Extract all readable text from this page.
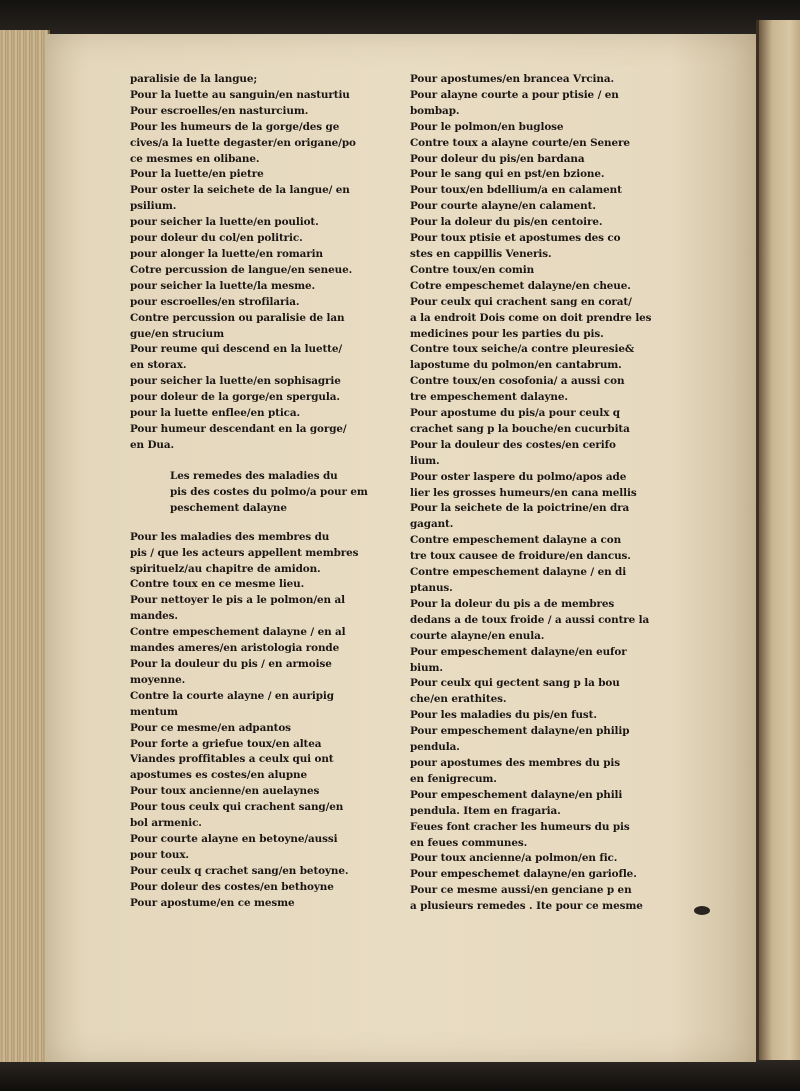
paralisie de la langue;
Pour la luette au sanguin/en nasturtiu
Pour escroelles/en nasturcium.
Pour les humeurs de la gorge/des ge
cives/a la luette degaster/en origane/po
ce mesmes en olibane.
Pour la luette/en pietre
Pour oster la seichete de la langue/ en
psilium.
pour seicher la luette/en pouliot.
pour doleur du col/en politric.
pour alonger la luette/en romarin
Cotre percussion de langue/en seneue.
pour seicher la luette/la mesme.
pour escroelles/en strofilaria.
Contre percussion ou paralisie de lan
gue/en strucium
Pour reume qui descend en la luette/
en storax.
pour seicher la luette/en sophisagrie
pour doleur de la gorge/en spergula.
pour la luette enflee/en ptica.
Pour humeur descendant en la gorge/
en Dua.
Les remedes des maladies du
pis des costes du polmo/a pour em
peschement dalayne
Pour les maladies des membres du
pis / que les acteurs appellent membres
spirituelz/au chapitre de amidon.
Contre toux en ce mesme lieu.
Pour nettoyer le pis a le polmon/en al
mandes.
Contre empeschement dalayne / en al
mandes ameres/en aristologia ronde
Pour la douleur du pis / en armoise
moyenne.
Contre la courte alayne / en auripig
mentum
Pour ce mesme/en adpantos
Pour forte a griefue toux/en altea
Viandes proffitables a ceulx qui ont
apostumes es costes/en alupne
Pour toux ancienne/en auelaynes
Pour tous ceulx qui crachent sang/en
bol armenic.
Pour courte alayne en betoyne/aussi
pour toux.
Pour ceulx q crachet sang/en betoyne.
Pour doleur des costes/en bethoyne
Pour apostume/en ce mesme
Pour apostumes/en brancea Vrcina.
Pour alayne courte a pour ptisie / en
bombap.
Pour le polmon/en buglose
Contre toux a alayne courte/en Senere
Pour doleur du pis/en bardana
Pour le sang qui en pst/en bzione.
Pour toux/en bdellium/a en calament
Pour courte alayne/en calament.
Pour la doleur du pis/en centoire.
Pour toux ptisie et apostumes des co
stes en cappillis Veneris.
Contre toux/en comin
Cotre empeschemet dalayne/en cheue.
Pour ceulx qui crachent sang en corat/
a la endroit Dois come on doit prendre les
medicines pour les parties du pis.
Contre toux seiche/a contre pleuresie&
lapostume du polmon/en cantabrum.
Contre toux/en cosofonia/ a aussi con
tre empeschement dalayne.
Pour apostume du pis/a pour ceulx q
crachet sang p la bouche/en cucurbita
Pour la douleur des costes/en cerifo
lium.
Pour oster laspere du polmo/apos ade
lier les grosses humeurs/en cana mellis
Pour la seichete de la poictrine/en dra
gagant.
Contre empeschement dalayne a con
tre toux causee de froidure/en dancus.
Contre empeschement dalayne / en di
ptanus.
Pour la doleur du pis a de membres
dedans a de toux froide / a aussi contre la
courte alayne/en enula.
Pour empeschement dalayne/en eufor
bium.
Pour ceulx qui gectent sang p la bou
che/en erathites.
Pour les maladies du pis/en fust.
Pour empeschement dalayne/en philip
pendula.
pour apostumes des membres du pis
en fenigrecum.
Pour empeschement dalayne/en phili
pendula. Item en fragaria.
Feues font cracher les humeurs du pis
en feues communes.
Pour toux ancienne/a polmon/en fic.
Pour empeschemet dalayne/en gariofle.
Pour ce mesme aussi/en genciane p en
a plusieurs remedes . Ite pour ce mesme
